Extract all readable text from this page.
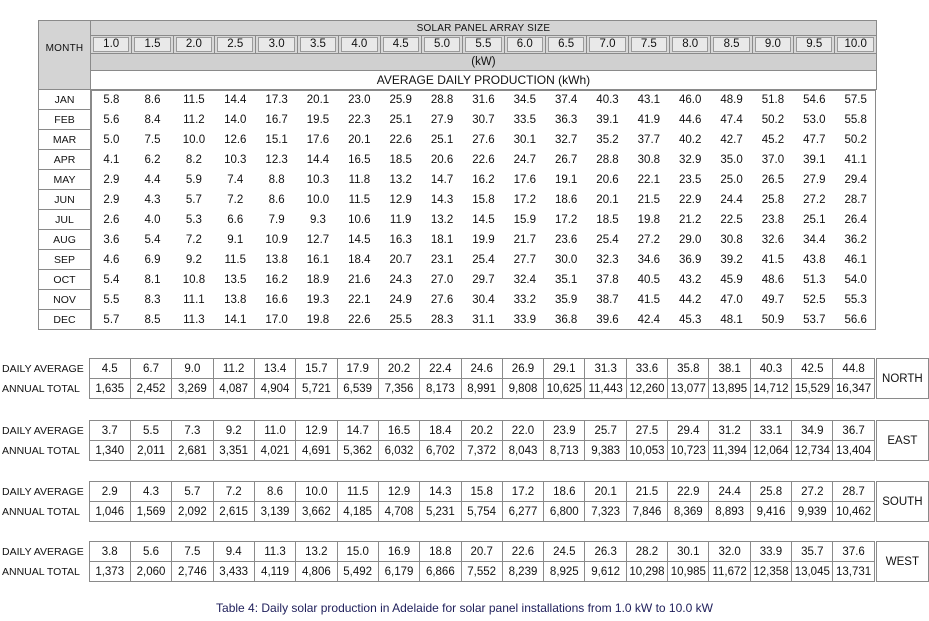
MONTH	SOLAR PANEL ARRAY SIZE																		

	1.0	1.5	2.0	2.5	3.0	3.5	4.0	4.5	5.0	5.5	6.0	6.5	7.0	7.5	8.0	8.5	9.0	9.5	10.0

	(kW)																		
	AVERAGE DAILY PRODUCTION (kWh)																		
JAN	5.8	8.6	11.5	14.4	17.3	20.1	23.0	25.9	28.8	31.6	34.5	37.4	40.3	43.1	46.0	48.9	51.8	54.6	57.5
FEB	5.6	8.4	11.2	14.0	16.7	19.5	22.3	25.1	27.9	30.7	33.5	36.3	39.1	41.9	44.6	47.4	50.2	53.0	55.8
MAR	5.0	7.5	10.0	12.6	15.1	17.6	20.1	22.6	25.1	27.6	30.1	32.7	35.2	37.7	40.2	42.7	45.2	47.7	50.2
APR	4.1	6.2	8.2	10.3	12.3	14.4	16.5	18.5	20.6	22.6	24.7	26.7	28.8	30.8	32.9	35.0	37.0	39.1	41.1
MAY	2.9	4.4	5.9	7.4	8.8	10.3	11.8	13.2	14.7	16.2	17.6	19.1	20.6	22.1	23.5	25.0	26.5	27.9	29.4
JUN	2.9	4.3	5.7	7.2	8.6	10.0	11.5	12.9	14.3	15.8	17.2	18.6	20.1	21.5	22.9	24.4	25.8	27.2	28.7
JUL	2.6	4.0	5.3	6.6	7.9	9.3	10.6	11.9	13.2	14.5	15.9	17.2	18.5	19.8	21.2	22.5	23.8	25.1	26.4
AUG	3.6	5.4	7.2	9.1	10.9	12.7	14.5	16.3	18.1	19.9	21.7	23.6	25.4	27.2	29.0	30.8	32.6	34.4	36.2
SEP	4.6	6.9	9.2	11.5	13.8	16.1	18.4	20.7	23.1	25.4	27.7	30.0	32.3	34.6	36.9	39.2	41.5	43.8	46.1
OCT	5.4	8.1	10.8	13.5	16.2	18.9	21.6	24.3	27.0	29.7	32.4	35.1	37.8	40.5	43.2	45.9	48.6	51.3	54.0
NOV	5.5	8.3	11.1	13.8	16.6	19.3	22.1	24.9	27.6	30.4	33.2	35.9	38.7	41.5	44.2	47.0	49.7	52.5	55.3
DEC	5.7	8.5	11.3	14.1	17.0	19.8	22.6	25.5	28.3	31.1	33.9	36.8	39.6	42.4	45.3	48.1	50.9	53.7	56.6
DAILY AVERAGE	4.5	6.7	9.0	11.2	13.4	15.7	17.9	20.2	22.4	24.6	26.9	29.1	31.3	33.6	35.8	38.1	40.3	42.5	44.8		NORTH
ANNUAL TOTAL	1,635	2,452	3,269	4,087	4,904	5,721	6,539	7,356	8,173	8,991	9,808	10,625	11,443	12,260	13,077	13,895	14,712	15,529	16,347		
DAILY AVERAGE	3.7	5.5	7.3	9.2	11.0	12.9	14.7	16.5	18.4	20.2	22.0	23.9	25.7	27.5	29.4	31.2	33.1	34.9	36.7		EAST
ANNUAL TOTAL	1,340	2,011	2,681	3,351	4,021	4,691	5,362	6,032	6,702	7,372	8,043	8,713	9,383	10,053	10,723	11,394	12,064	12,734	13,404		
DAILY AVERAGE	2.9	4.3	5.7	7.2	8.6	10.0	11.5	12.9	14.3	15.8	17.2	18.6	20.1	21.5	22.9	24.4	25.8	27.2	28.7		SOUTH
ANNUAL TOTAL	1,046	1,569	2,092	2,615	3,139	3,662	4,185	4,708	5,231	5,754	6,277	6,800	7,323	7,846	8,369	8,893	9,416	9,939	10,462		
DAILY AVERAGE	3.8	5.6	7.5	9.4	11.3	13.2	15.0	16.9	18.8	20.7	22.6	24.5	26.3	28.2	30.1	32.0	33.9	35.7	37.6		WEST
ANNUAL TOTAL	1,373	2,060	2,746	3,433	4,119	4,806	5,492	6,179	6,866	7,552	8,239	8,925	9,612	10,298	10,985	11,672	12,358	13,045	13,731		
Table 4: Daily solar production in Adelaide for solar panel installations from 1.0 kW to 10.0 kW
